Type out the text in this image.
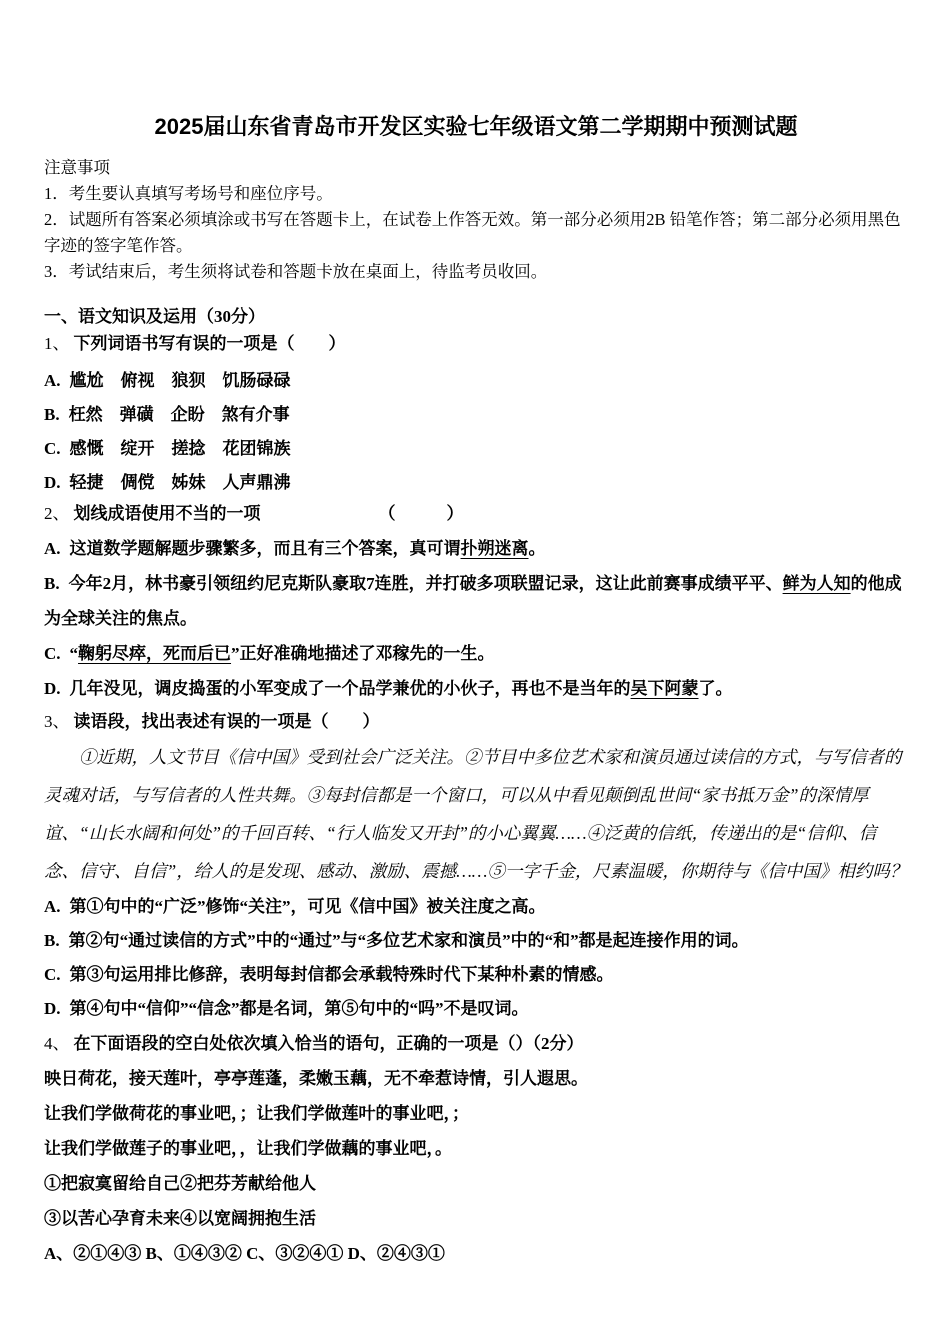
2025届山东省青岛市开发区实验七年级语文第二学期期中预测试题

注意事项

1．考生要认真填写考场号和座位序号。

2．试题所有答案必须填涂或书写在答题卡上，在试卷上作答无效。第一部分必须用2B 铅笔作答；第二部分必须用黑色字迹的签字笔作答。

3．考试结束后，考生须将试卷和答题卡放在桌面上，待监考员收回。

一、语文知识及运用（30分）

1、 下列词语书写有误的一项是（　　）

A. 尴尬　俯视　狼狈　饥肠碌碌

B. 枉然　弹磺　企盼　煞有介事

C. 感慨　绽开　搓捻　花团锦族

D. 轻捷　倜傥　姊妹　人声鼎沸

2、 划线成语使用不当的一项	（　　　）

A. 这道数学题解题步骤繁多，而且有三个答案，真可谓扑朔迷离。

B. 今年2月，林书豪引领纽约尼克斯队豪取7连胜，并打破多项联盟记录，这让此前赛事成绩平平、鲜为人知的他成为全球关注的焦点。

C. “鞠躬尽瘁，死而后已”正好准确地描述了邓稼先的一生。

D. 几年没见，调皮捣蛋的小军变成了一个品学兼优的小伙子，再也不是当年的吴下阿蒙了。

3、 读语段，找出表述有误的一项是（　　）

①近期，人文节目《信中国》受到社会广泛关注。②节目中多位艺术家和演员通过读信的方式，与写信者的灵魂对话，与写信者的人性共舞。③每封信都是一个窗口，可以从中看见颠倒乱世间“家书抵万金”的深情厚谊、“山长水阔和何处”的千回百转、“行人临发又开封”的小心翼翼……④泛黄的信纸，传递出的是“信仰、信念、信守、自信”，给人的是发现、感动、激励、震撼……⑤一字千金，尺素温暖，你期待与《信中国》相约吗？

A. 第①句中的“广泛”修饰“关注”，可见《信中国》被关注度之高。

B. 第②句“通过读信的方式”中的“通过”与“多位艺术家和演员”中的“和”都是起连接作用的词。

C. 第③句运用排比修辞，表明每封信都会承载特殊时代下某种朴素的情感。

D. 第④句中“信仰”“信念”都是名词，第⑤句中的“吗”不是叹词。

4、 在下面语段的空白处依次填入恰当的语句，正确的一项是（）（2分）

映日荷花，接天莲叶，亭亭莲蓬，柔嫩玉藕，无不牵惹诗情，引人遐思。

让我们学做荷花的事业吧，；让我们学做莲叶的事业吧，；

让我们学做莲子的事业吧，，让我们学做藕的事业吧，。

①把寂寞留给自己②把芬芳献给他人

③以苦心孕育未来④以宽阔拥抱生活

A、②①④③ B、①④③② C、③②④① D、②④③①
